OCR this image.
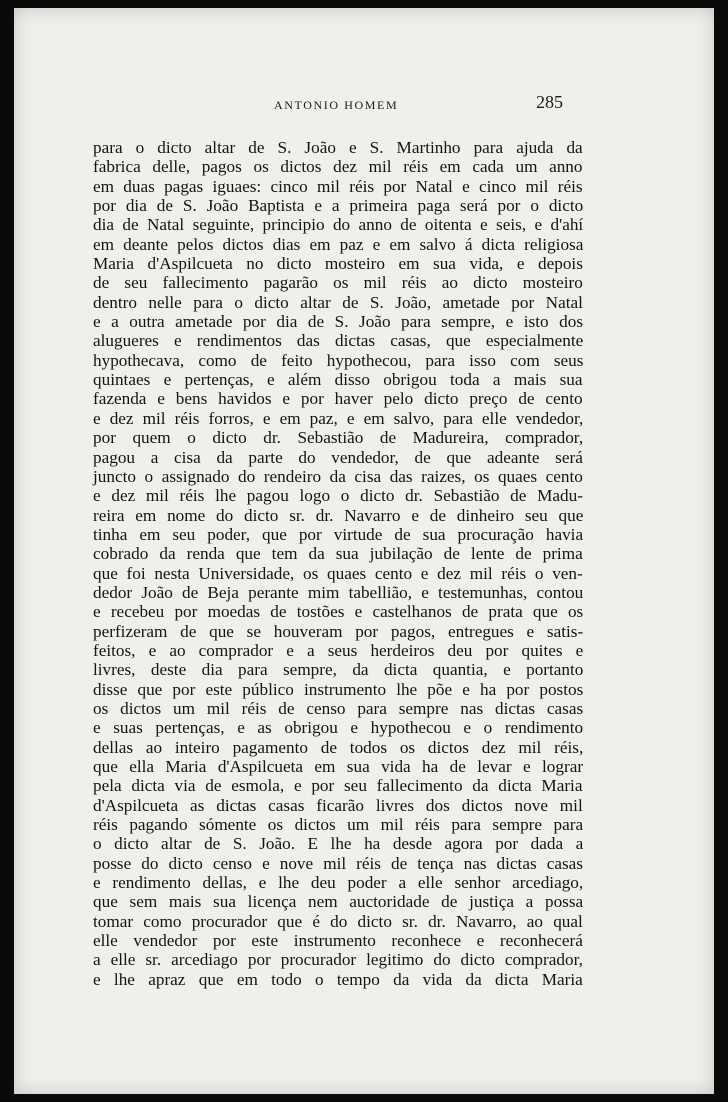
ANTONIO HOMEM	285
para o dicto altar de S. João e S. Martinho para ajuda da
fabrica delle, pagos os dictos dez mil réis em cada um anno
em duas pagas iguaes: cinco mil réis por Natal e cinco mil réis
por dia de S. João Baptista e a primeira paga será por o dicto
dia de Natal seguinte, principio do anno de oitenta e seis, e d'ahí
em deante pelos dictos dias em paz e em salvo á dicta religiosa
Maria d'Aspilcueta no dicto mosteiro em sua vida, e depois
de seu fallecimento pagarão os mil réis ao dicto mosteiro
dentro nelle para o dicto altar de S. João, ametade por Natal
e a outra ametade por dia de S. João para sempre, e isto dos
alugueres e rendimentos das dictas casas, que especialmente
hypothecava, como de feito hypothecou, para isso com seus
quintaes e pertenças, e além disso obrigou toda a mais sua
fazenda e bens havidos e por haver pelo dicto preço de cento
e dez mil réis forros, e em paz, e em salvo, para elle vendedor,
por quem o dicto dr. Sebastião de Madureira, comprador,
pagou a cisa da parte do vendedor, de que adeante será
juncto o assignado do rendeiro da cisa das raizes, os quaes cento
e dez mil réis lhe pagou logo o dicto dr. Sebastião de Madu-
reira em nome do dicto sr. dr. Navarro e de dinheiro seu que
tinha em seu poder, que por virtude de sua procuração havia
cobrado da renda que tem da sua jubilação de lente de prima
que foi nesta Universidade, os quaes cento e dez mil réis o ven-
dedor João de Beja perante mim tabellião, e testemunhas, contou
e recebeu por moedas de tostões e castelhanos de prata que os
perfizeram de que se houveram por pagos, entregues e satis-
feitos, e ao comprador e a seus herdeiros deu por quites e
livres, deste dia para sempre, da dicta quantia, e portanto
disse que por este público instrumento lhe põe e ha por postos
os dictos um mil réis de censo para sempre nas dictas casas
e suas pertenças, e as obrigou e hypothecou e o rendimento
dellas ao inteiro pagamento de todos os dictos dez mil réis,
que ella Maria d'Aspilcueta em sua vida ha de levar e lograr
pela dicta via de esmola, e por seu fallecimento da dicta Maria
d'Aspilcueta as dictas casas ficarão livres dos dictos nove mil
réis pagando sómente os dictos um mil réis para sempre para
o dicto altar de S. João. E lhe ha desde agora por dada a
posse do dicto censo e nove mil réis de tença nas dictas casas
e rendimento dellas, e lhe deu poder a elle senhor arcediago,
que sem mais sua licença nem auctoridade de justiça a possa
tomar como procurador que é do dicto sr. dr. Navarro, ao qual
elle vendedor por este instrumento reconhece e reconhecerá
a elle sr. arcediago por procurador legitimo do dicto comprador,
e lhe apraz que em todo o tempo da vida da dicta Maria
